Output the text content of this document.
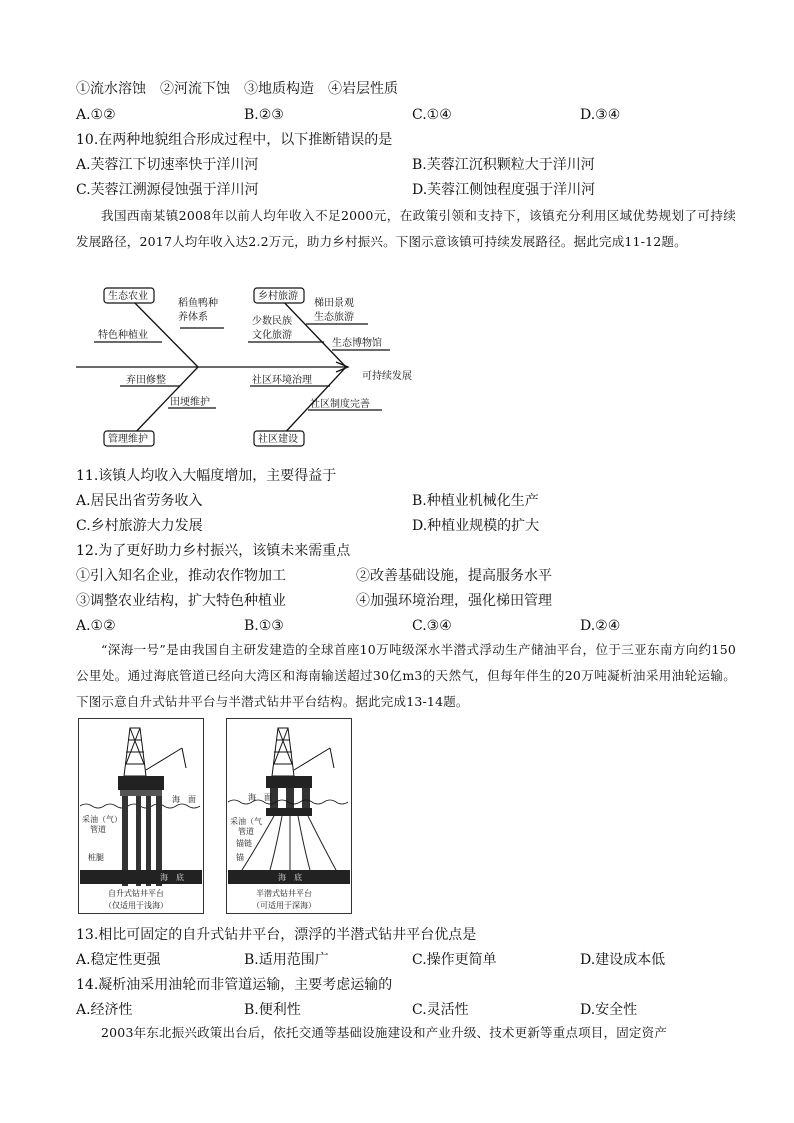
①流水溶蚀　②河流下蚀　③地质构造　④岩层性质
A.①②	B.②③	C.①④	D.③④
10.在两种地貌组合形成过程中，以下推断错误的是
A.芙蓉江下切速率快于洋川河	B.芙蓉江沉积颗粒大于洋川河
C.芙蓉江溯源侵蚀强于洋川河	D.芙蓉江侧蚀程度强于洋川河
我国西南某镇2008年以前人均年收入不足2000元，在政策引领和支持下，该镇充分利用区域优势规划了可持续发展路径，2017人均年收入达2.2万元，助力乡村振兴。下图示意该镇可持续发展路径。据此完成11-12题。
生态农业	乡村旅游
管理维护	社区建设
稻鱼鸭种
养体系
特色种植业
梯田景观
生态旅游
少数民族
文化旅游
生态博物馆
可持续发展
弃田修整
田埂维护
社区环境治理
社区制度完善
11.该镇人均收入大幅度增加，主要得益于
A.居民出省劳务收入	B.种植业机械化生产
C.乡村旅游大力发展	D.种植业规模的扩大
12.为了更好助力乡村振兴，该镇未来需重点
①引入知名企业，推动农作物加工	②改善基础设施，提高服务水平
③调整农业结构，扩大特色种植业	④加强环境治理，强化梯田管理
A.①②	B.①③	C.③④	D.②④
“深海一号”是由我国自主研发建造的全球首座10万吨级深水半潜式浮动生产储油平台，位于三亚东南方向约150公里处。通过海底管道已经向大湾区和海南输送超过30亿m3的天然气，但每年伴生的20万吨凝析油采用油轮运输。下图示意自升式钻井平台与半潜式钻井平台结构。据此完成13-14题。
海　面
采油（气）
管道
桩腿
海　底
自升式钻井平台
（仅适用于浅海）
海　面
采油（气
管道
锚链
锚
海　底
半潜式钻井平台
（可适用于深海）
13.相比可固定的自升式钻井平台，漂浮的半潜式钻井平台优点是
A.稳定性更强	B.适用范围广	C.操作更简单	D.建设成本低
14.凝析油采用油轮而非管道运输，主要考虑运输的
A.经济性	B.便利性	C.灵活性	D.安全性
2003年东北振兴政策出台后，依托交通等基础设施建设和产业升级、技术更新等重点项目，固定资产
